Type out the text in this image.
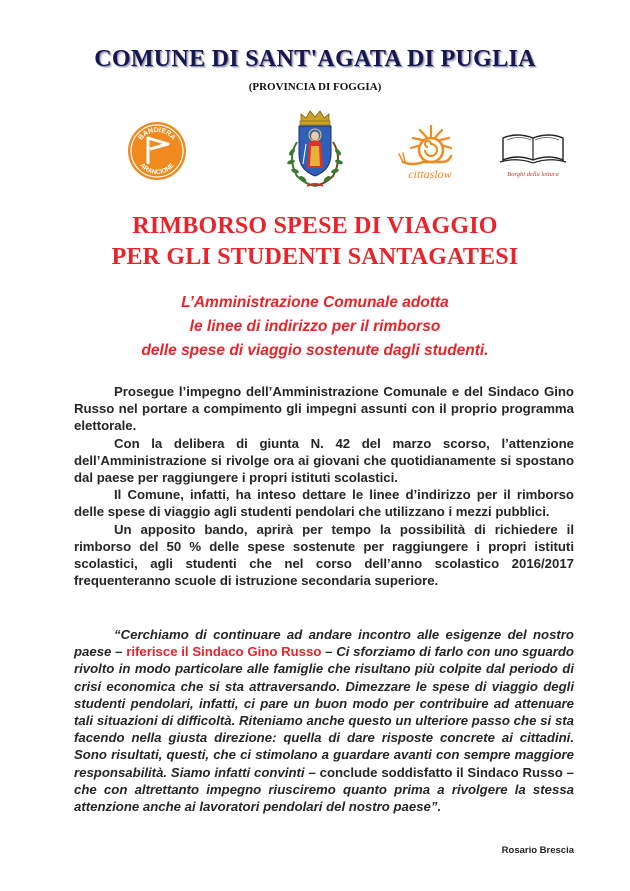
COMUNE DI SANT'AGATA DI PUGLIA
(PROVINCIA DI FOGGIA)
BANDIERA
ARANCIONE
cittaslow	Borghi della lettura
RIMBORSO SPESE DI VIAGGIO
PER GLI STUDENTI SANTAGATESI
L’Amministrazione Comunale adotta
le linee di indirizzo per il rimborso
delle spese di viaggio sostenute dagli studenti.

Prosegue l’impegno dell’Amministrazione Comunale e del Sindaco Gino Russo nel portare a compimento gli impegni assunti con il proprio programma elettorale.

Con la delibera di giunta N. 42 del marzo scorso, l’attenzione dell’Amministrazione si rivolge ora ai giovani che quotidianamente si spostano dal paese per raggiungere i propri istituti scolastici.

Il Comune, infatti, ha inteso dettare le linee d’indirizzo per il rimborso delle spese di viaggio agli studenti pendolari che utilizzano i mezzi pubblici.

Un apposito bando, aprirà per tempo la possibilità di richiedere il rimborso del 50 % delle spese sostenute per raggiungere i propri istituti scolastici, agli studenti che nel corso dell’anno scolastico 2016/2017 frequenteranno scuole di istruzione secondaria superiore.

“Cerchiamo di continuare ad andare incontro alle esigenze del nostro paese – riferisce il Sindaco Gino Russo – Ci sforziamo di farlo con uno sguardo rivolto in modo particolare alle famiglie che risultano più colpite dal periodo di crisi economica che si sta attraversando. Dimezzare le spese di viaggio degli studenti pendolari, infatti, ci pare un buon modo per contribuire ad attenuare tali situazioni di difficoltà. Riteniamo anche questo un ulteriore passo che si sta facendo nella giusta direzione: quella di dare risposte concrete ai cittadini. Sono risultati, questi, che ci stimolano a guardare avanti con sempre maggiore responsabilità. Siamo infatti convinti – conclude soddisfatto il Sindaco Russo – che con altrettanto impegno riusciremo quanto prima a rivolgere la stessa attenzione anche ai lavoratori pendolari del nostro paese”.

Rosario Brescia
